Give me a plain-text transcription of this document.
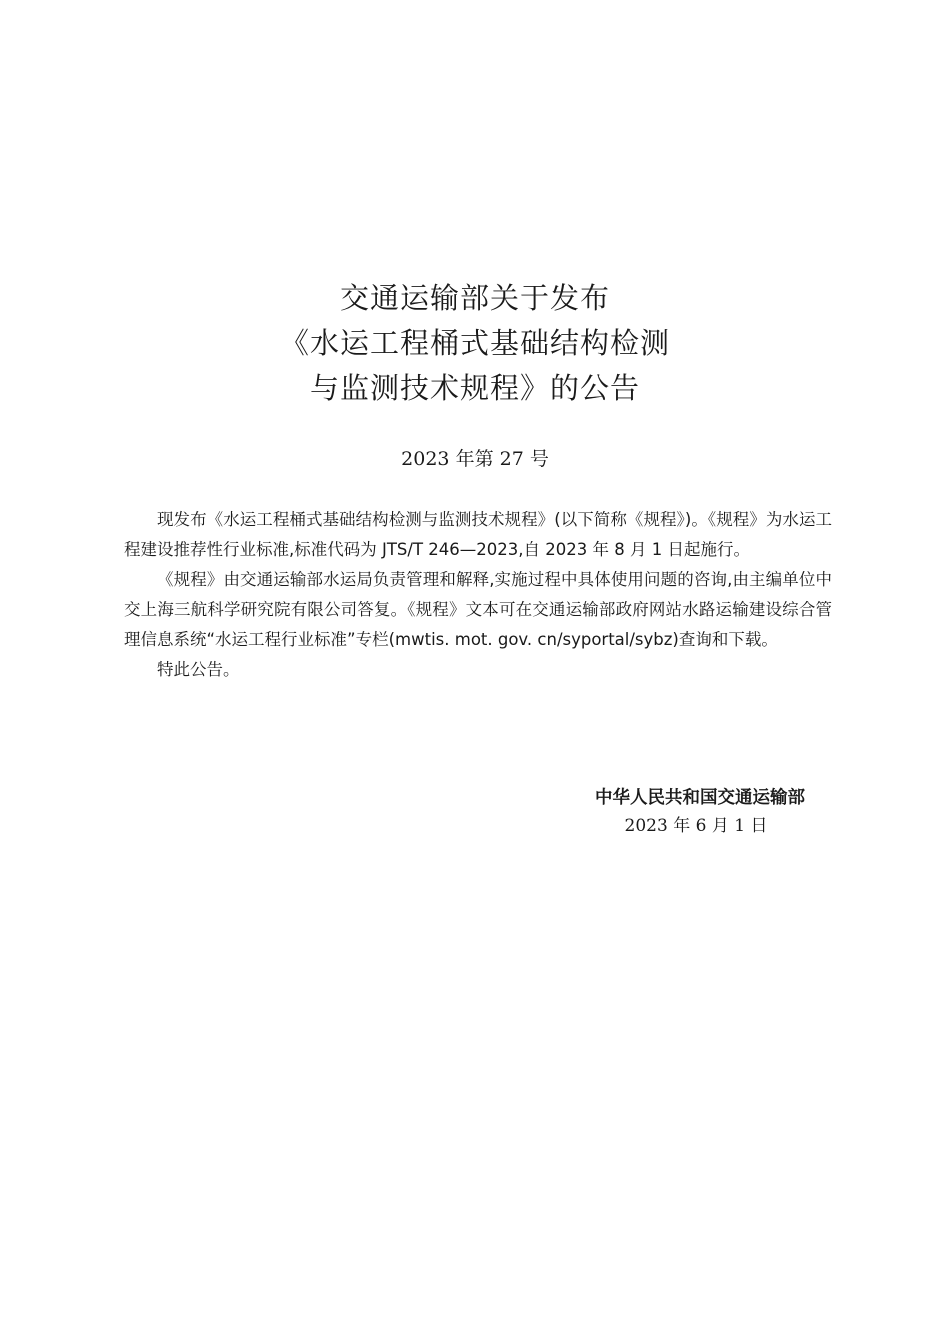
交通运输部关于发布
《水运工程桶式基础结构检测
与监测技术规程》的公告
2023 年第 27 号

现发布《水运工程桶式基础结构检测与监测技术规程》(以下简称《规程》)。《规程》为水运工程建设推荐性行业标准,标准代码为 JTS/T 246—2023,自 2023 年 8 月 1 日起施行。

《规程》由交通运输部水运局负责管理和解释,实施过程中具体使用问题的咨询,由主编单位中交上海三航科学研究院有限公司答复。《规程》文本可在交通运输部政府网站水路运输建设综合管理信息系统“水运工程行业标准”专栏(mwtis. mot. gov. cn/syportal/sybz)查询和下载。

特此公告。

中华人民共和国交通运输部
2023 年 6 月 1 日
